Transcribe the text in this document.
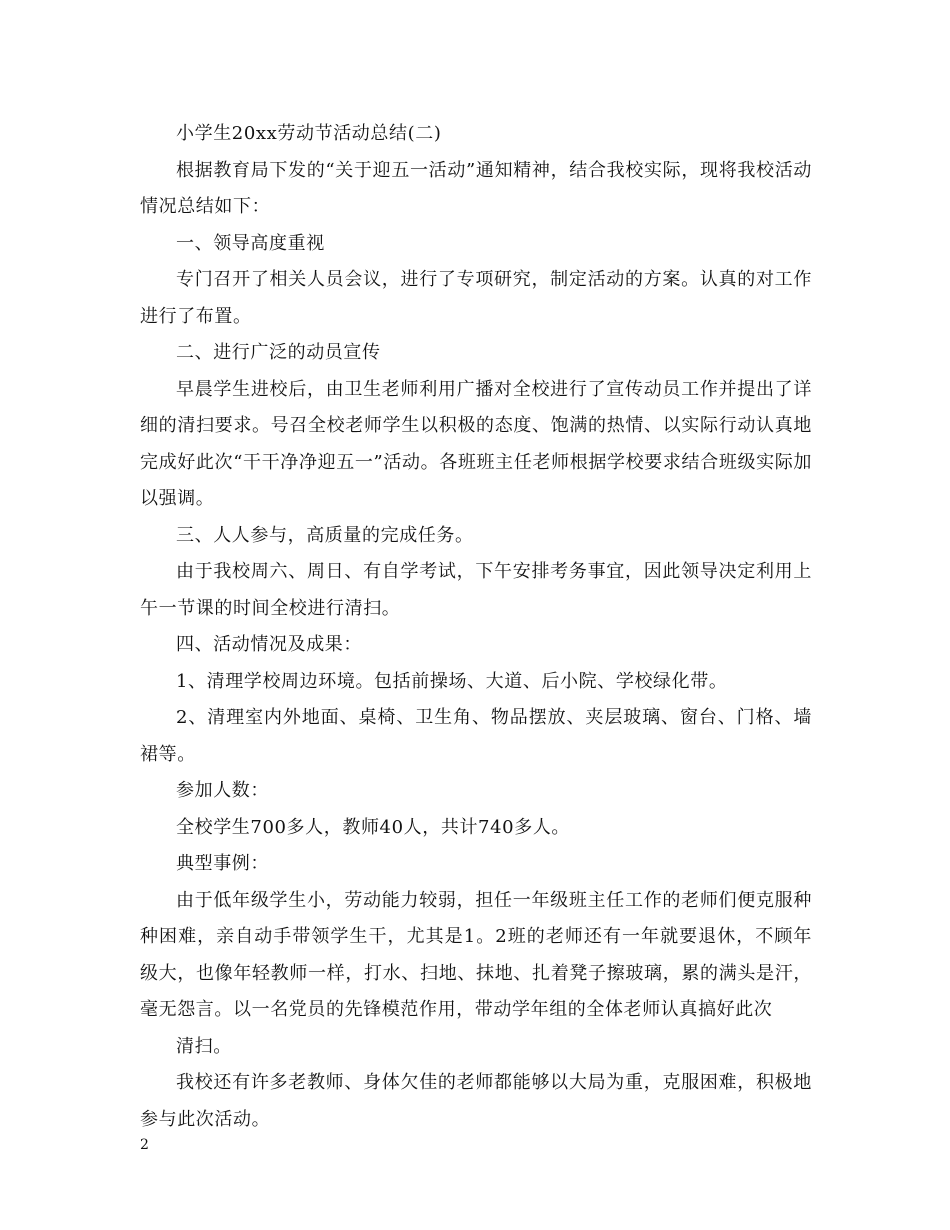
小学生20xx劳动节活动总结(二)

根据教育局下发的“关于迎五一活动”通知精神，结合我校实际，现将我校活动情况总结如下：

一、领导高度重视

专门召开了相关人员会议，进行了专项研究，制定活动的方案。认真的对工作进行了布置。

二、进行广泛的动员宣传

早晨学生进校后，由卫生老师利用广播对全校进行了宣传动员工作并提出了详细的清扫要求。号召全校老师学生以积极的态度、饱满的热情、以实际行动认真地完成好此次“干干净净迎五一”活动。各班班主任老师根据学校要求结合班级实际加以强调。

三、人人参与，高质量的完成任务。

由于我校周六、周日、有自学考试，下午安排考务事宜，因此领导决定利用上午一节课的时间全校进行清扫。

四、活动情况及成果：

1、清理学校周边环境。包括前操场、大道、后小院、学校绿化带。

2、清理室内外地面、桌椅、卫生角、物品摆放、夹层玻璃、窗台、门格、墙裙等。

参加人数：

全校学生700多人，教师40人，共计740多人。

典型事例：

由于低年级学生小，劳动能力较弱，担任一年级班主任工作的老师们便克服种种困难，亲自动手带领学生干，尤其是1。2班的老师还有一年就要退休，不顾年级大，也像年轻教师一样，打水、扫地、抹地、扎着凳子擦玻璃，累的满头是汗，毫无怨言。以一名党员的先锋模范作用，带动学年组的全体老师认真搞好此次

清扫。

我校还有许多老教师、身体欠佳的老师都能够以大局为重，克服困难，积极地参与此次活动。

2
